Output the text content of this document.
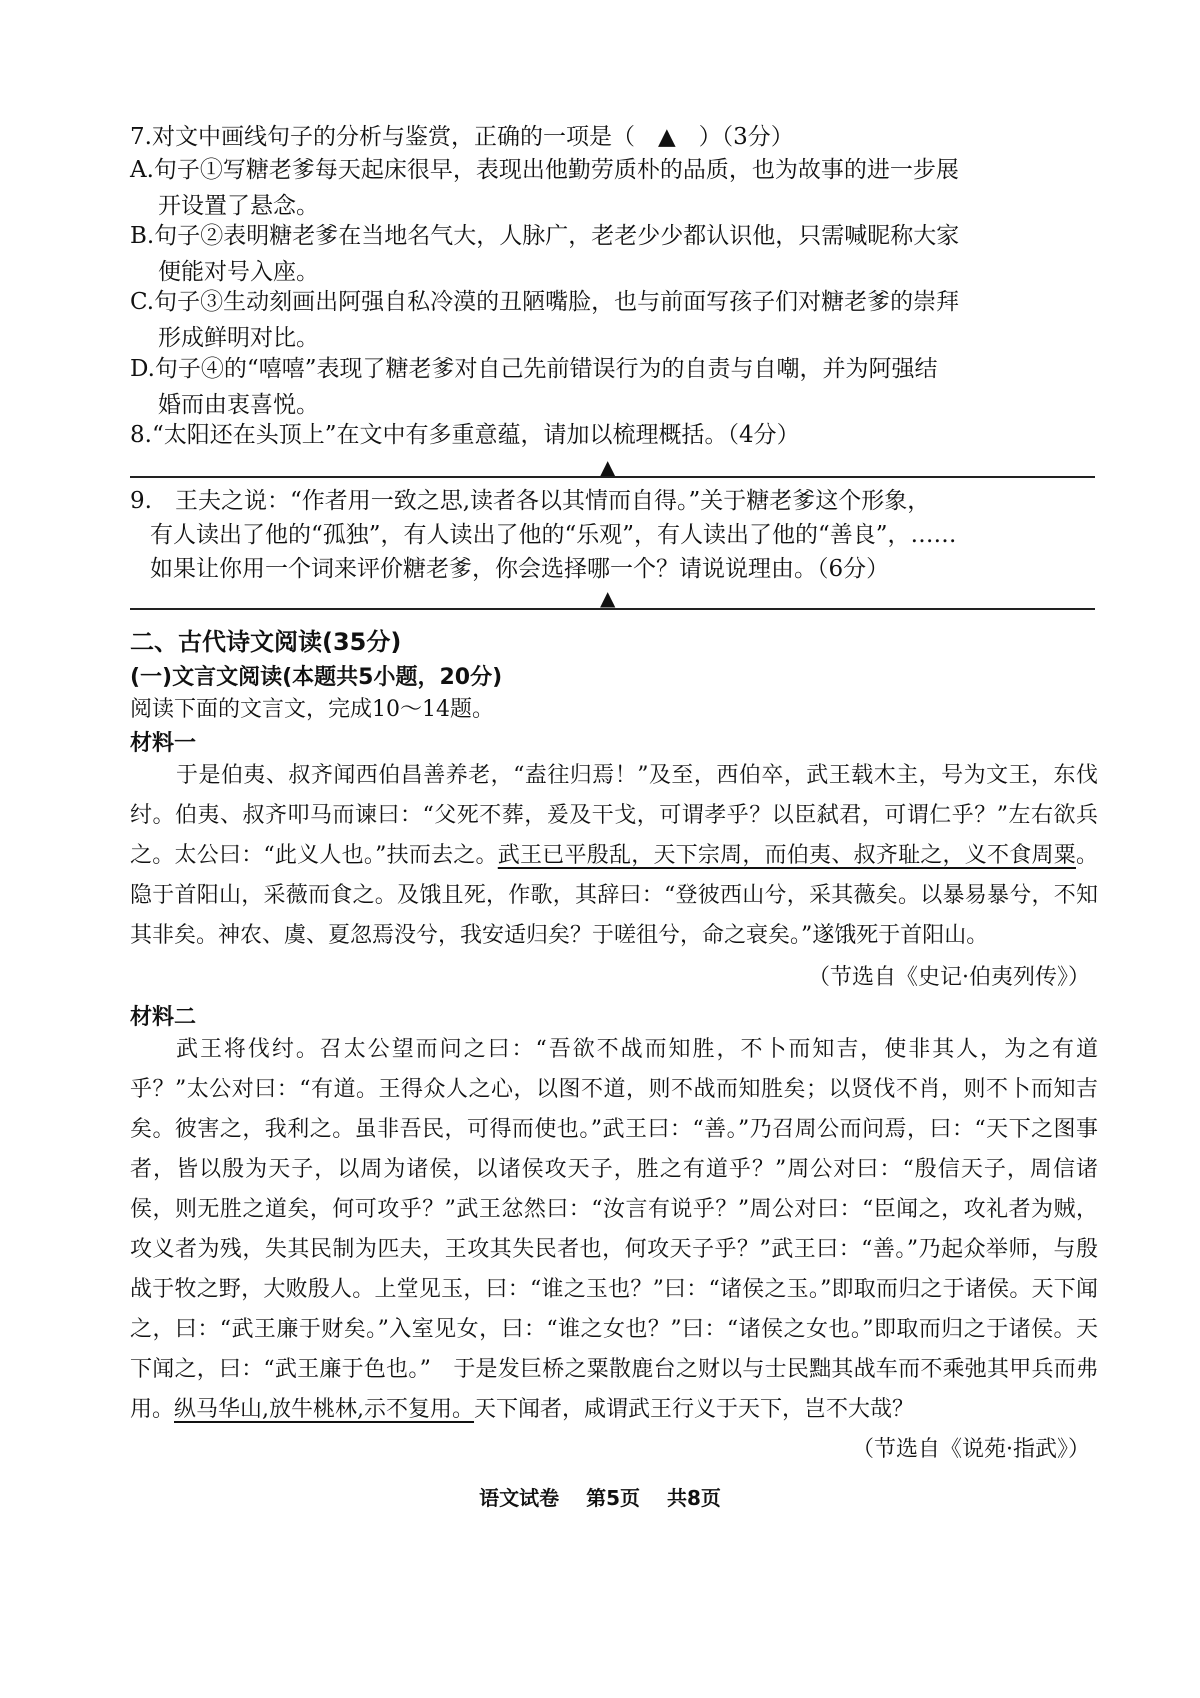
7.对文中画线句子的分析与鉴赏，正确的一项是（　▲　）（3分）
A.句子①写糖老爹每天起床很早，表现出他勤劳质朴的品质，也为故事的进一步展
开设置了悬念。
B.句子②表明糖老爹在当地名气大，人脉广，老老少少都认识他，只需喊昵称大家
便能对号入座。
C.句子③生动刻画出阿强自私冷漠的丑陋嘴脸，也与前面写孩子们对糖老爹的崇拜
形成鲜明对比。
D.句子④的“嘻嘻”表现了糖老爹对自己先前错误行为的自责与自嘲，并为阿强结
婚而由衷喜悦。
8.“太阳还在头顶上”在文中有多重意蕴，请加以梳理概括。（4分）
▲
9.　王夫之说：“作者用一致之思,读者各以其情而自得。”关于糖老爹这个形象，
有人读出了他的“孤独”，有人读出了他的“乐观”，有人读出了他的“善良”，……
如果让你用一个词来评价糖老爹，你会选择哪一个？请说说理由。（6分）
▲
二、古代诗文阅读(35分)
(一)文言文阅读(本题共5小题，20分)
阅读下面的文言文，完成10～14题。
材料一
于是伯夷、叔齐闻西伯昌善养老，“盍往归焉！”及至，西伯卒，武王载木主，号为文王，东伐纣。伯夷、叔齐叩马而谏曰：“父死不葬，爰及干戈，可谓孝乎？以臣弑君，可谓仁乎？”左右欲兵之。太公曰：“此义人也。”扶而去之。武王已平殷乱，天下宗周，而伯夷、叔齐耻之，义不食周粟。隐于首阳山，采薇而食之。及饿且死，作歌，其辞曰：“登彼西山兮，采其薇矣。以暴易暴兮，不知其非矣。神农、虞、夏忽焉没兮，我安适归矣？于嗟徂兮，命之衰矣。”遂饿死于首阳山。
（节选自《史记·伯夷列传》）
材料二
武王将伐纣。召太公望而问之曰：“吾欲不战而知胜，不卜而知吉，使非其人，为之有道乎？”太公对曰：“有道。王得众人之心，以图不道，则不战而知胜矣；以贤伐不肖，则不卜而知吉矣。彼害之，我利之。虽非吾民，可得而使也。”武王曰：“善。”乃召周公而问焉，曰：“天下之图事者，皆以殷为天子，以周为诸侯，以诸侯攻天子，胜之有道乎？”周公对曰：“殷信天子，周信诸侯，则无胜之道矣，何可攻乎？”武王忿然曰：“汝言有说乎？”周公对曰：“臣闻之，攻礼者为贼，攻义者为残，失其民制为匹夫，王攻其失民者也，何攻天子乎？”武王曰：“善。”乃起众举师，与殷战于牧之野，大败殷人。上堂见玉，曰：“谁之玉也？”曰：“诸侯之玉。”即取而归之于诸侯。天下闻之，曰：“武王廉于财矣。”入室见女，曰：“谁之女也？”曰：“诸侯之女也。”即取而归之于诸侯。天下闻之，曰：“武王廉于色也。”　于是发巨桥之粟散鹿台之财以与士民黜其战车而不乘弛其甲兵而弗用。纵马华山,放牛桃林,示不复用。天下闻者，咸谓武王行义于天下，岂不大哉？
（节选自《说苑·指武》）
语文试卷 第5页 共8页
